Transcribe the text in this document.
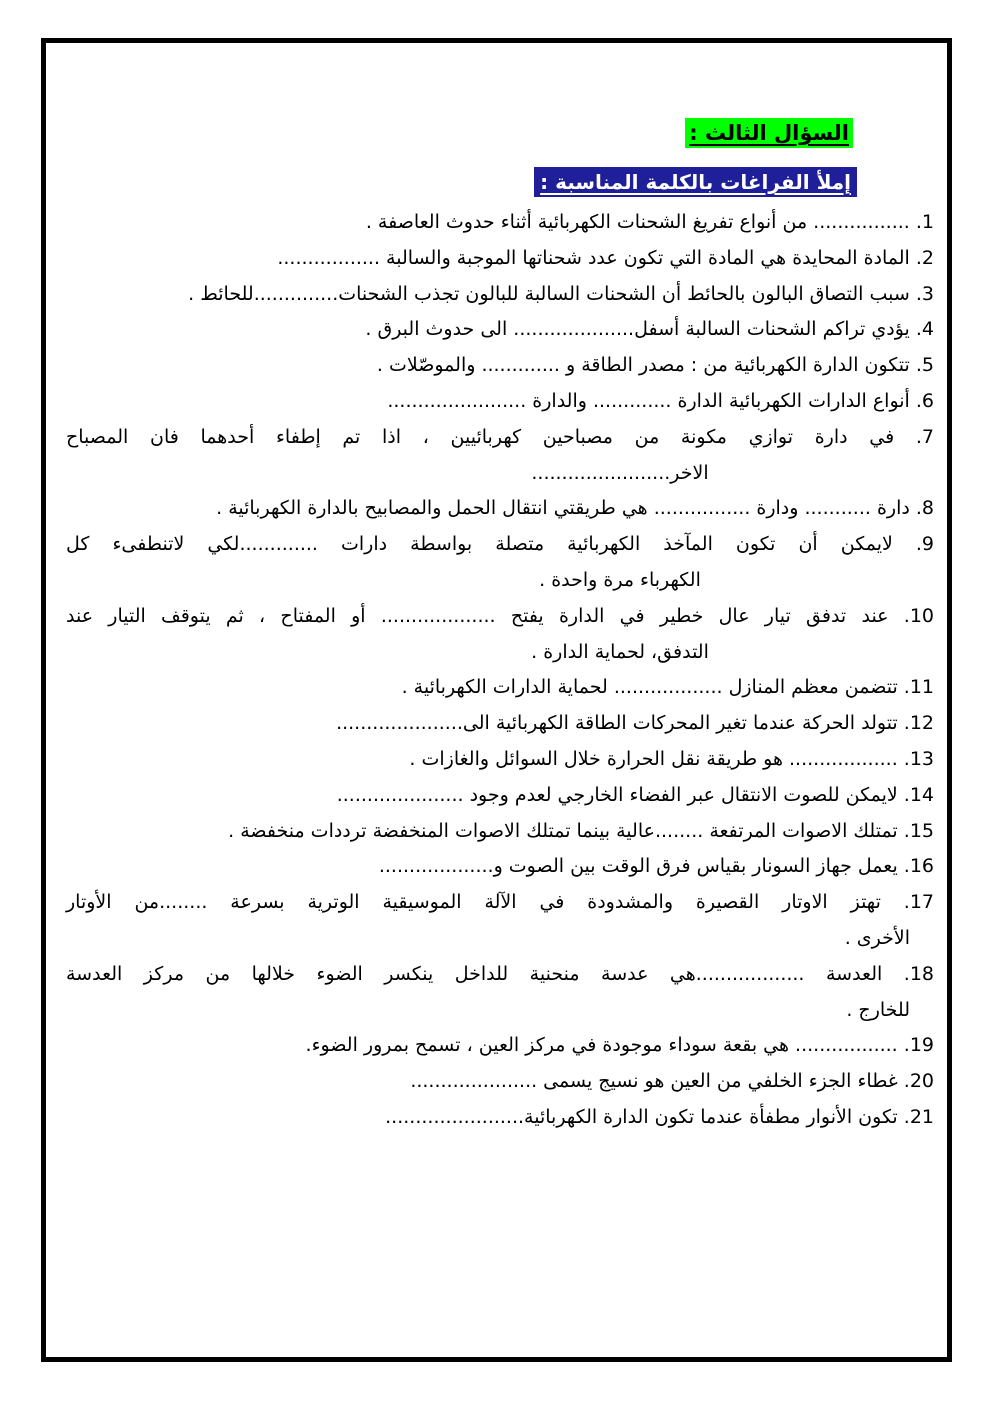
السؤال الثالث :
إملأ الفراغات بالكلمة المناسبة :
1. ................ من أنواع تفريغ الشحنات الكهربائية أثناء حدوث العاصفة .
2. المادة المحايدة هي المادة التي تكون عدد شحناتها الموجبة والسالبة .................
3. سبب التصاق البالون بالحائط أن الشحنات السالبة للبالون تجذب الشحنات..............للحائط .
4. يؤدي تراكم الشحنات السالبة أسفل.................... الى حدوث البرق .
5. تتكون الدارة الكهربائية من : مصدر الطاقة و ............. والموصّلات .
6. أنواع الدارات الكهربائية الدارة ............. والدارة .......................
7. في دارة توازي مكونة من مصباحين كهربائيين ، اذا تم إطفاء أحدهما فان المصباح
الاخر.......................
8. دارة ........... ودارة ................ هي طريقتي انتقال الحمل والمصابيح بالدارة الكهربائية .
9. لايمكن أن تكون المآخذ الكهربائية متصلة بواسطة دارات .............لكي لاتنطفىء كل
الكهرباء مرة واحدة .
10. عند تدفق تيار عال خطير في الدارة يفتح ................... أو المفتاح ، ثم يتوقف التيار عند
التدفق، لحماية الدارة .
11. تتضمن معظم المنازل .................. لحماية الدارات الكهربائية .
12. تتولد الحركة عندما تغير المحركات الطاقة الكهربائية الى.....................
13. .................. هو طريقة نقل الحرارة خلال السوائل والغازات .
14. لايمكن للصوت الانتقال عبر الفضاء الخارجي لعدم وجود .....................
15. تمتلك الاصوات المرتفعة ........عالية بينما تمتلك الاصوات المنخفضة ترددات منخفضة .
16. يعمل جهاز السونار بقياس فرق الوقت بين الصوت و...................
17. تهتز الاوتار القصيرة والمشدودة في الآلة الموسيقية الوترية بسرعة ........من الأوتار
الأخرى .
18. العدسة ..................هي عدسة منحنية للداخل ينكسر الضوء خلالها من مركز العدسة
للخارج .
19. ................. هي بقعة سوداء موجودة في مركز العين ، تسمح بمرور الضوء.
20. غطاء الجزء الخلفي من العين هو نسيج يسمى .....................
21. تكون الأنوار مطفأة عندما تكون الدارة الكهربائية.......................
